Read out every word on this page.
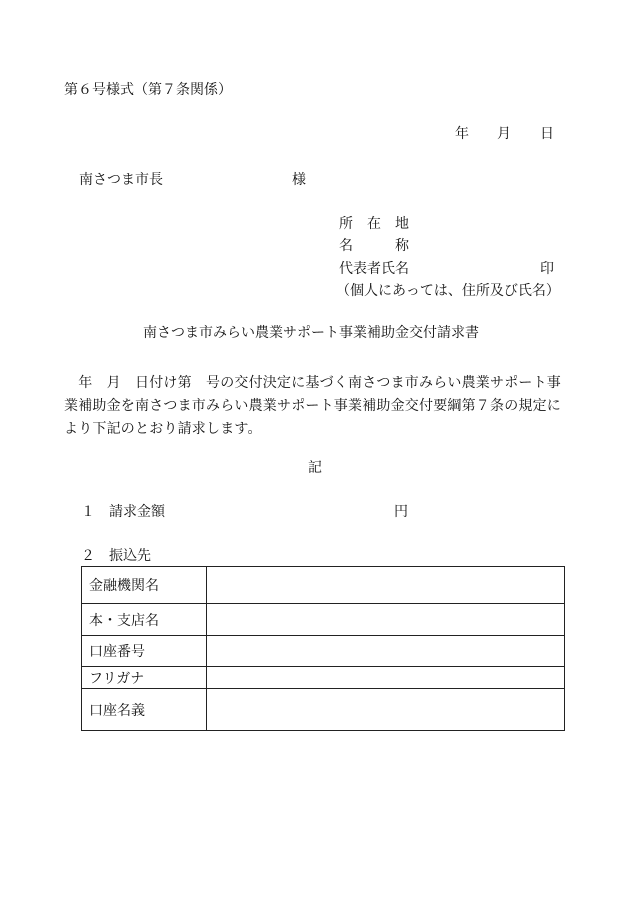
第６号様式（第７条関係）
年 月 日
南さつま市長	様
所　在　地
名　　　称
代表者氏名	印
（個人にあっては、住所及び氏名）
南さつま市みらい農業サポート事業補助金交付請求書
　年　月　日付け第　号の交付決定に基づく南さつま市みらい農業サポート事
業補助金を南さつま市みらい農業サポート事業補助金交付要綱第７条の規定に
より下記のとおり請求します。
記
１　請求金額	円
２　振込先
金融機関名	
本・支店名	
口座番号	
フリガナ	
口座名義	
